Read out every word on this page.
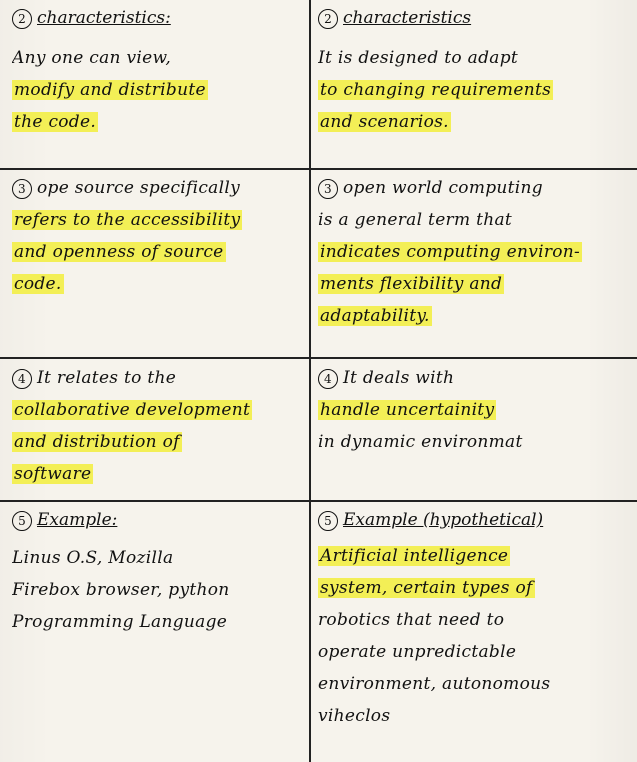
2 characteristics:
Any one can view,
modify and distribute
the code.
2 characteristics
It is designed to adapt
to changing requirements
and scenarios.
3 ope source specifically
refers to the accessibility
and openness of source
code.
3 open world computing
is a general term that
indicates computing environ-
ments flexibility and
adaptability.
4 It relates to the
collaborative development
and distribution of
software
4 It deals with
handle uncertainity
in dynamic environmat
5 Example:
Linus O.S, Mozilla
Firebox browser, python
Programming Language
5 Example (hypothetical)
Artificial intelligence
system, certain types of
robotics that need to
operate unpredictable
environment, autonomous
viheclos
